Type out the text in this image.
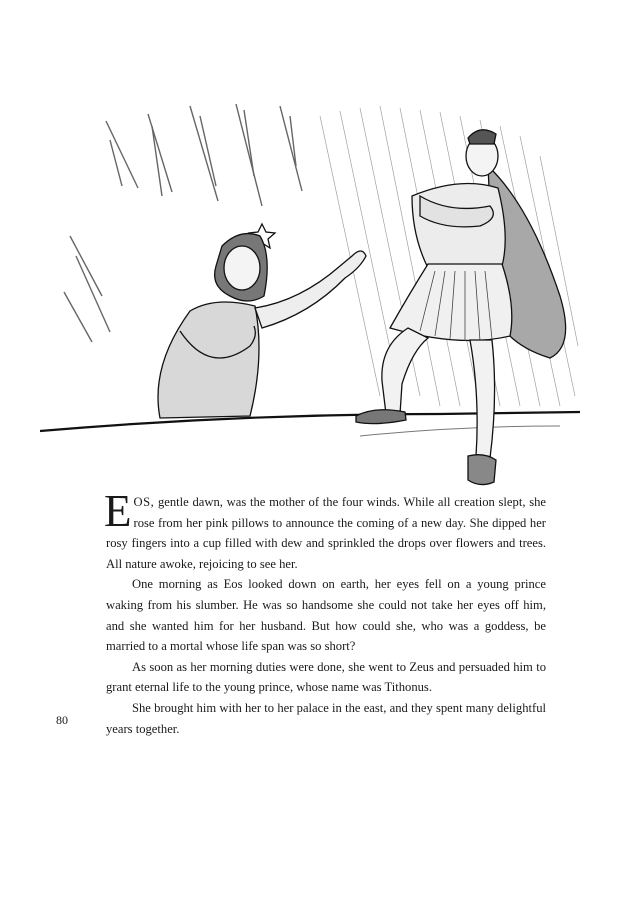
EOS, gentle dawn, was the mother of the four winds. While all creation slept, she rose from her pink pillows to announce the coming of a new day. She dipped her rosy fingers into a cup filled with dew and sprinkled the drops over flowers and trees. All nature awoke, rejoicing to see her.

One morning as Eos looked down on earth, her eyes fell on a young prince waking from his slumber. He was so handsome she could not take her eyes off him, and she wanted him for her husband. But how could she, who was a goddess, be married to a mortal whose life span was so short?

As soon as her morning duties were done, she went to Zeus and persuaded him to grant eternal life to the young prince, whose name was Tithonus.

She brought him with her to her palace in the east, and they spent many delightful years together.

80
